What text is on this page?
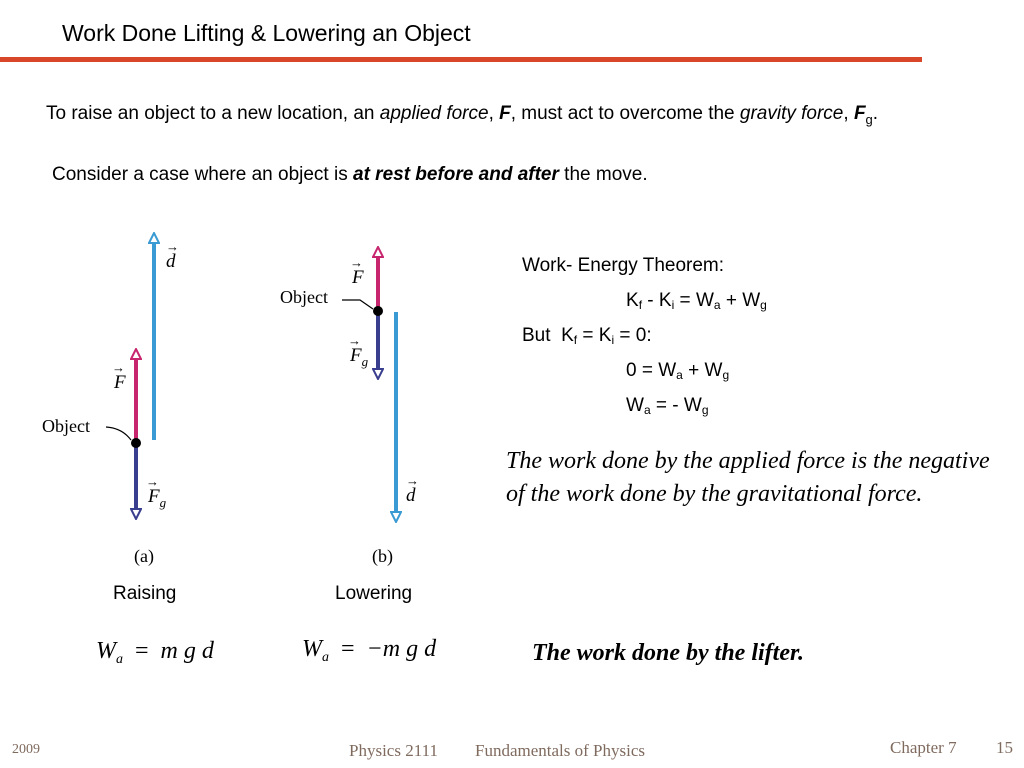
Work Done Lifting & Lowering an Object
To raise an object to a new location, an applied force, F, must act to overcome the gravity force, $F_g$.
Consider a case where an object is at rest before and after the move.
d
→
F
→
$F_g$
→
Object
(a)
F
→
$F_g$
→
Object
d
→
(b)
Raising	Lowering
$W_a = m$ g d	$W_a = -m$ g d
Work- Energy Theorem:
$K_f - K_i = W_a + W_g$
But $K_f = K_i = 0$:
$0 = W_a + W_g$
$W_a$ = - $W_g$
The work done by the applied force is the negative of the work done by the gravitational force.
The work done by the lifter.
2009	Physics 2111 Fundamentals of Physics	Chapter 7 15
